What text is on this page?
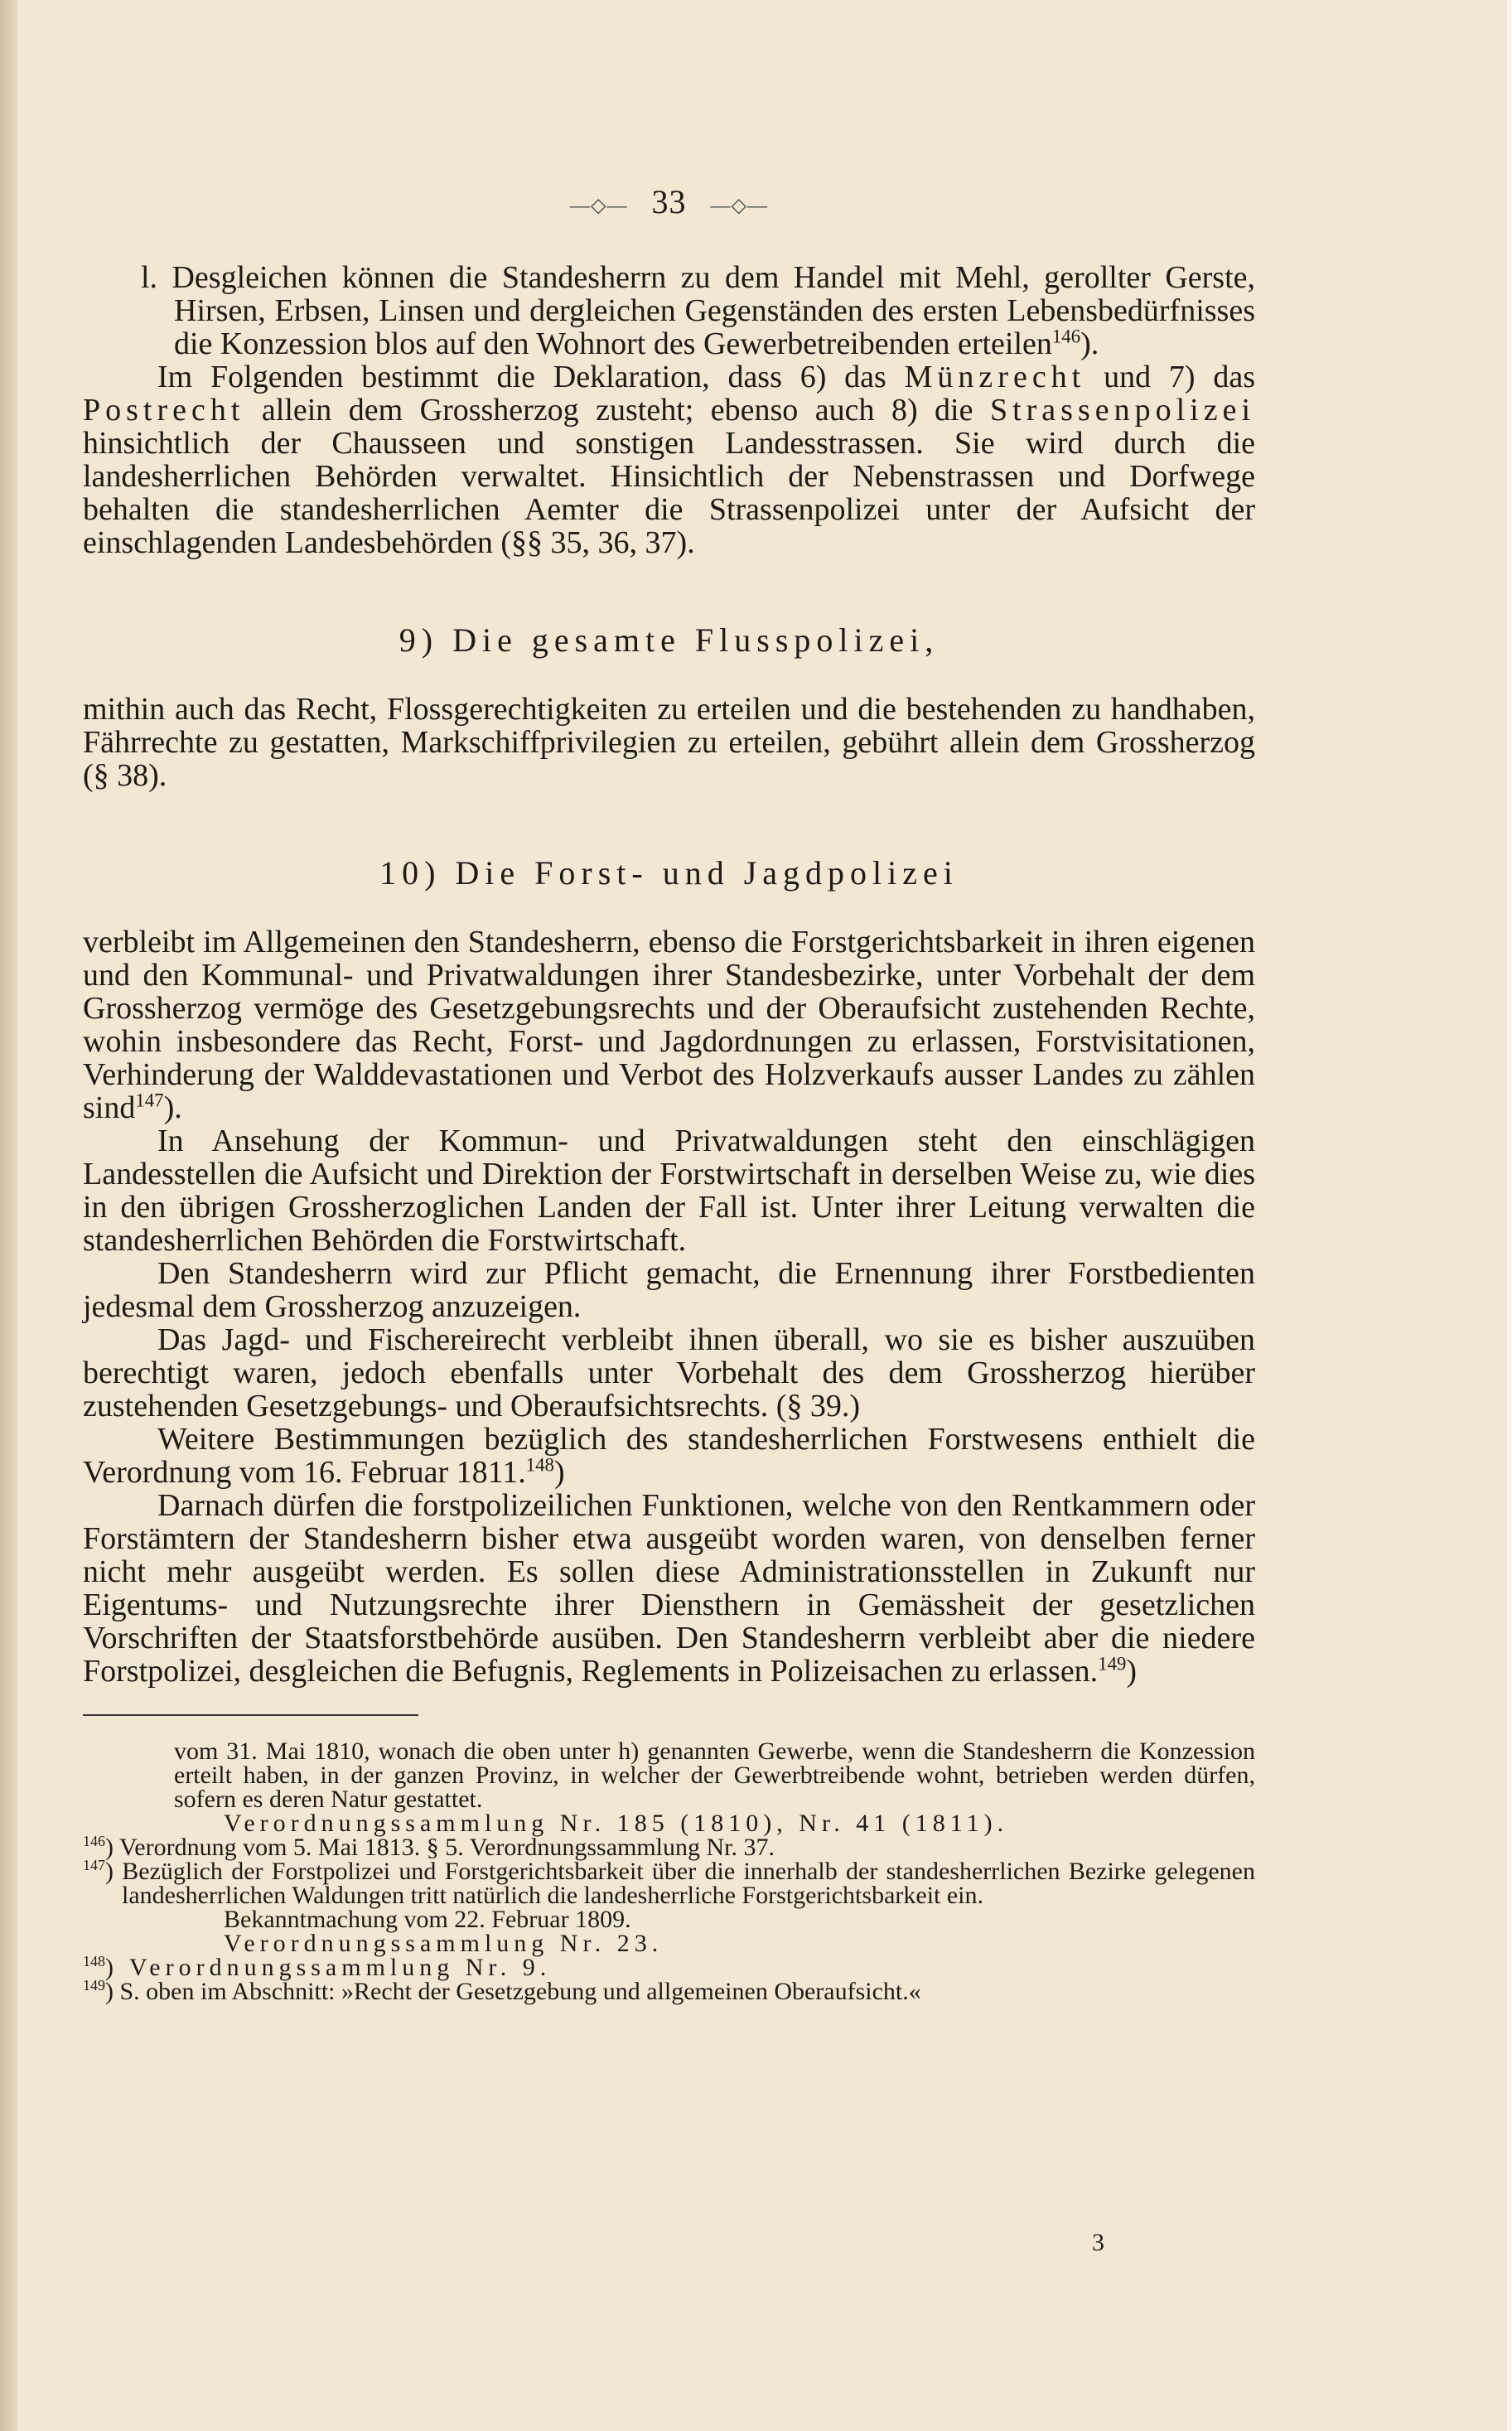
—◇— 33 —◇—

l. Desgleichen können die Standesherrn zu dem Handel mit Mehl, gerollter Gerste, Hirsen, Erbsen, Linsen und dergleichen Gegenständen des ersten Lebensbedürfnisses die Konzession blos auf den Wohnort des Gewerbetreibenden erteilen$^{146}$).

Im Folgenden bestimmt die Deklaration, dass 6) das Münzrecht und 7) das Postrecht allein dem Grossherzog zusteht; ebenso auch 8) die Strassenpolizei hinsichtlich der Chausseen und sonstigen Landesstrassen. Sie wird durch die landesherrlichen Behörden verwaltet. Hinsichtlich der Nebenstrassen und Dorfwege behalten die standesherrlichen Aemter die Strassenpolizei unter der Aufsicht der einschlagenden Landesbehörden (§§ 35, 36, 37).

9) Die gesamte Flusspolizei,

mithin auch das Recht, Flossgerechtigkeiten zu erteilen und die bestehenden zu handhaben, Fährrechte zu gestatten, Markschiffprivilegien zu erteilen, gebührt allein dem Grossherzog (§ 38).

10) Die Forst- und Jagdpolizei

verbleibt im Allgemeinen den Standesherrn, ebenso die Forstgerichtsbarkeit in ihren eigenen und den Kommunal- und Privatwaldungen ihrer Standesbezirke, unter Vorbehalt der dem Grossherzog vermöge des Gesetzgebungsrechts und der Oberaufsicht zustehenden Rechte, wohin insbesondere das Recht, Forst- und Jagdordnungen zu erlassen, Forstvisitationen, Verhinderung der Walddevastationen und Verbot des Holzverkaufs ausser Landes zu zählen sind$^{147}$).

In Ansehung der Kommun- und Privatwaldungen steht den einschlägigen Landesstellen die Aufsicht und Direktion der Forstwirtschaft in derselben Weise zu, wie dies in den übrigen Grossherzoglichen Landen der Fall ist. Unter ihrer Leitung verwalten die standesherrlichen Behörden die Forstwirtschaft.

Den Standesherrn wird zur Pflicht gemacht, die Ernennung ihrer Forstbedienten jedesmal dem Grossherzog anzuzeigen.

Das Jagd- und Fischereirecht verbleibt ihnen überall, wo sie es bisher auszuüben berechtigt waren, jedoch ebenfalls unter Vorbehalt des dem Grossherzog hierüber zustehenden Gesetzgebungs- und Oberaufsichtsrechts. (§ 39.)

Weitere Bestimmungen bezüglich des standesherrlichen Forstwesens enthielt die Verordnung vom 16. Februar 1811.$^{148}$)

Darnach dürfen die forstpolizeilichen Funktionen, welche von den Rentkammern oder Forstämtern der Standesherrn bisher etwa ausgeübt worden waren, von denselben ferner nicht mehr ausgeübt werden. Es sollen diese Administrationsstellen in Zukunft nur Eigentums- und Nutzungsrechte ihrer Diensthern in Gemässheit der gesetzlichen Vorschriften der Staatsforstbehörde ausüben. Den Standesherrn verbleibt aber die niedere Forstpolizei, desgleichen die Befugnis, Reglements in Polizeisachen zu erlassen.$^{149}$)

vom 31. Mai 1810, wonach die oben unter h) genannten Gewerbe, wenn die Standesherrn die Konzession erteilt haben, in der ganzen Provinz, in welcher der Gewerbtreibende wohnt, betrieben werden dürfen, sofern es deren Natur gestattet.

Verordnungssammlung Nr. 185 (1810), Nr. 41 (1811).

$^{146}$) Verordnung vom 5. Mai 1813. § 5. Verordnungssammlung Nr. 37.

$^{147}$) Bezüglich der Forstpolizei und Forstgerichtsbarkeit über die innerhalb der standesherrlichen Bezirke gelegenen landesherrlichen Waldungen tritt natürlich die landesherrliche Forstgerichtsbarkeit ein.

Bekanntmachung vom 22. Februar 1809.

Verordnungssammlung Nr. 23.

$^{148}$) Verordnungssammlung Nr. 9.

$^{149}$) S. oben im Abschnitt: »Recht der Gesetzgebung und allgemeinen Oberaufsicht.«

3
